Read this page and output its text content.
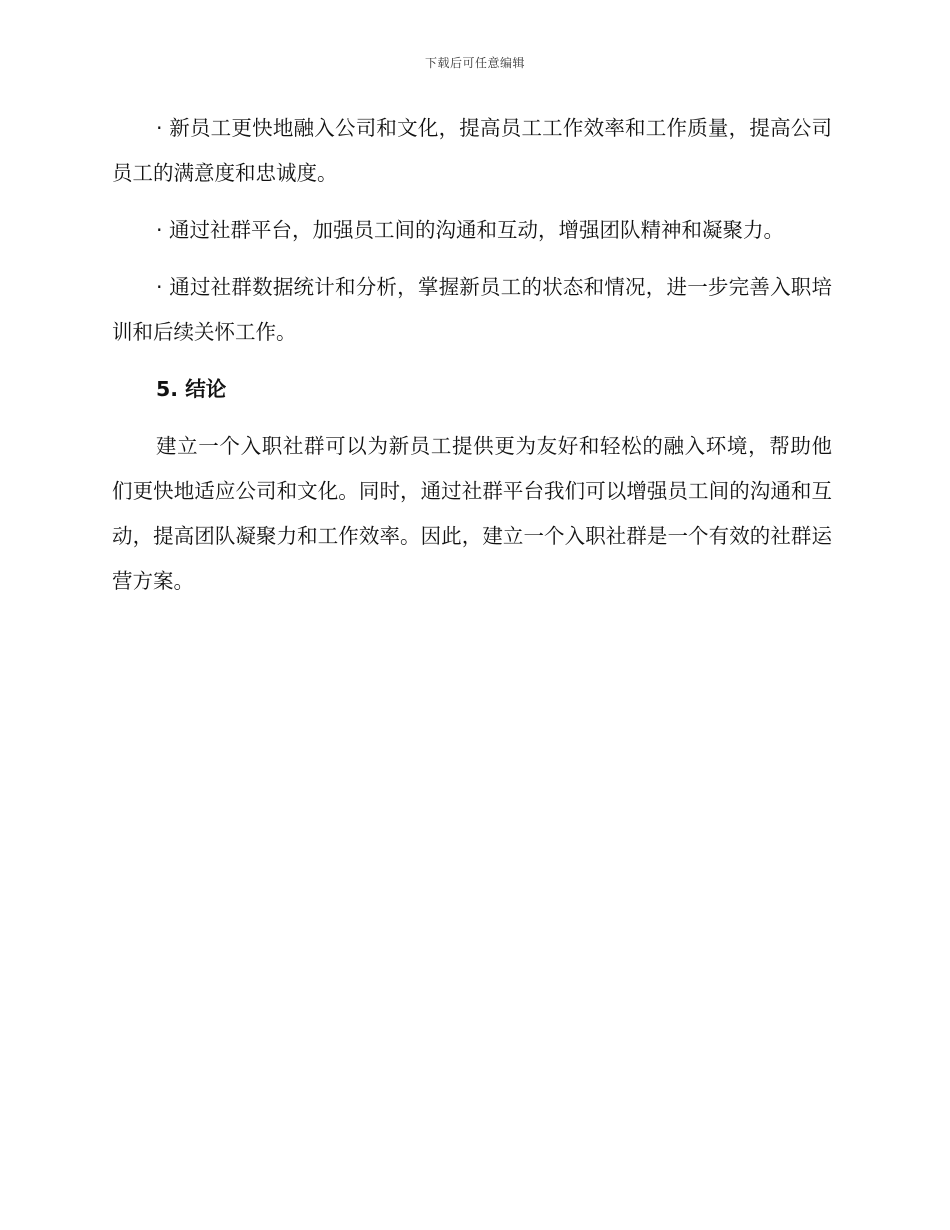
下载后可任意编辑

· 新员工更快地融入公司和文化，提高员工工作效率和工作质量，提高公司员工的满意度和忠诚度。

· 通过社群平台，加强员工间的沟通和互动，增强团队精神和凝聚力。

· 通过社群数据统计和分析，掌握新员工的状态和情况，进一步完善入职培训和后续关怀工作。

5. 结论

建立一个入职社群可以为新员工提供更为友好和轻松的融入环境，帮助他们更快地适应公司和文化。同时，通过社群平台我们可以增强员工间的沟通和互动，提高团队凝聚力和工作效率。因此，建立一个入职社群是一个有效的社群运营方案。
